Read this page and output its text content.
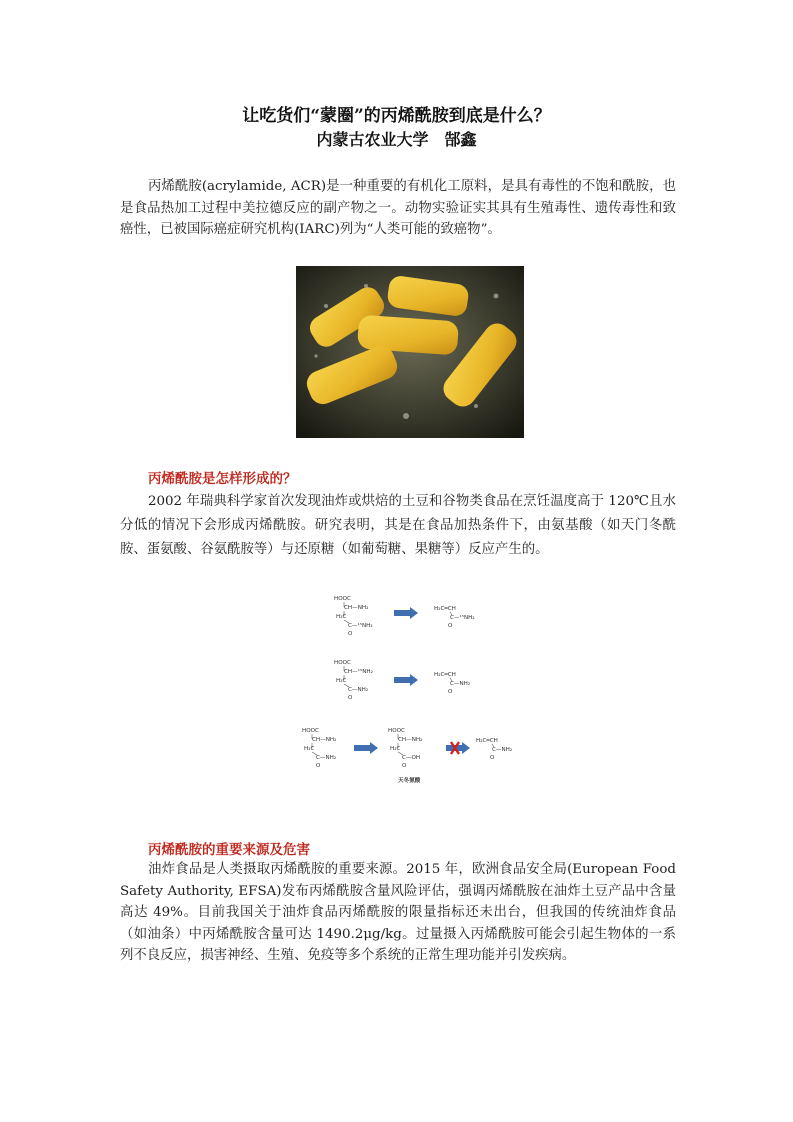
让吃货们“蒙圈”的丙烯酰胺到底是什么？
内蒙古农业大学　郜鑫
丙烯酰胺(acrylamide, ACR)是一种重要的有机化工原料，是具有毒性的不饱和酰胺，也是食品热加工过程中美拉德反应的副产物之一。动物实验证实其具有生殖毒性、遗传毒性和致癌性，已被国际癌症研究机构(IARC)列为“人类可能的致癌物”。
丙烯酰胺是怎样形成的？
2002 年瑞典科学家首次发现油炸或烘焙的土豆和谷物类食品在烹饪温度高于 120℃且水分低的情况下会形成丙烯酰胺。研究表明，其是在食品加热条件下，由氨基酸（如天门冬酰胺、蛋氨酸、谷氨酰胺等）与还原糖（如葡萄糖、果糖等）反应产生的。
HOOC
CH—NH₂
H₂C
C—¹⁵NH₂
O
H₂C═CH
C—¹⁵NH₂
O
HOOC
CH—¹⁵NH₂
H₂C
C—NH₂
O
H₂C═CH
C—NH₂
O
HOOC
CH—NH₂
H₂C
C—NH₂
O
HOOC
CH—NH₂
H₂C
C—OH
O
天冬氨酸
H₂C═CH
C—NH₂
O
丙烯酰胺的重要来源及危害
油炸食品是人类摄取丙烯酰胺的重要来源。2015 年，欧洲食品安全局(European Food Safety Authority, EFSA)发布丙烯酰胺含量风险评估，强调丙烯酰胺在油炸土豆产品中含量高达 49%。目前我国关于油炸食品丙烯酰胺的限量指标还未出台，但我国的传统油炸食品（如油条）中丙烯酰胺含量可达 1490.2μg/kg。过量摄入丙烯酰胺可能会引起生物体的一系列不良反应，损害神经、生殖、免疫等多个系统的正常生理功能并引发疾病。
